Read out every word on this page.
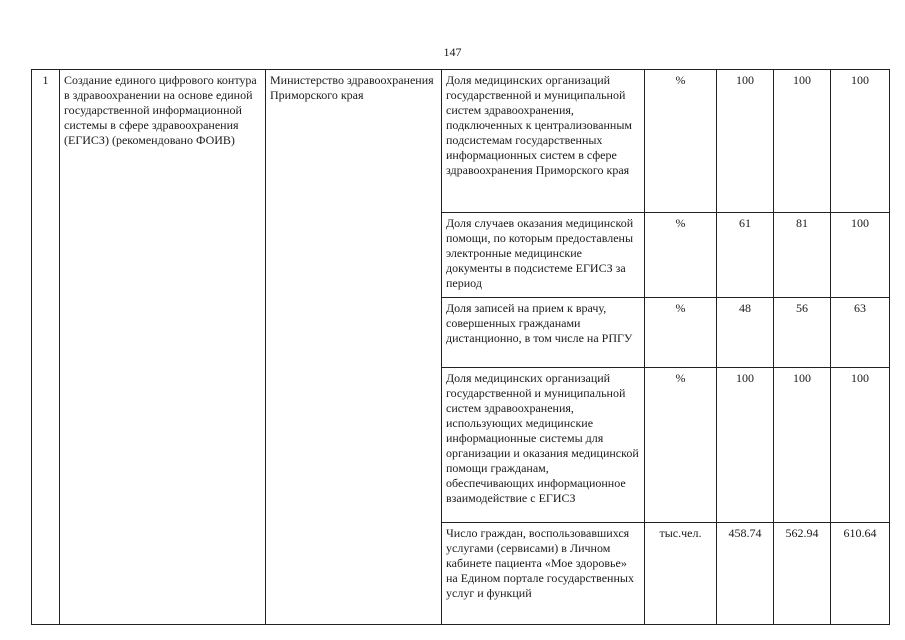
147
1	Создание единого цифрового контура в здравоохранении на основе единой государственной информационной системы в сфере здравоохранения (ЕГИСЗ) (рекомендовано ФОИВ)	Министерство здравоохранения Приморского края	Доля медицинских организаций государственной и муниципальной систем здравоохранения, подключенных к централизованным подсистемам государственных информационных систем в сфере здравоохранения Приморского края	%	100	100	100
			Доля случаев оказания медицинской помощи, по которым предоставлены электронные медицинские документы в подсистеме ЕГИСЗ за период	%	61	81	100
			Доля записей на прием к врачу, совершенных гражданами дистанционно, в том числе на РПГУ	%	48	56	63
			Доля медицинских организаций государственной и муниципальной систем здравоохранения, использующих медицинские информационные системы для организации и оказания медицинской помощи гражданам, обеспечивающих информационное взаимодействие с ЕГИСЗ	%	100	100	100
			Число граждан, воспользовавшихся услугами (сервисами) в Личном кабинете пациента «Мое здоровье» на Едином портале государственных услуг и функций	тыс.чел.	458.74	562.94	610.64
